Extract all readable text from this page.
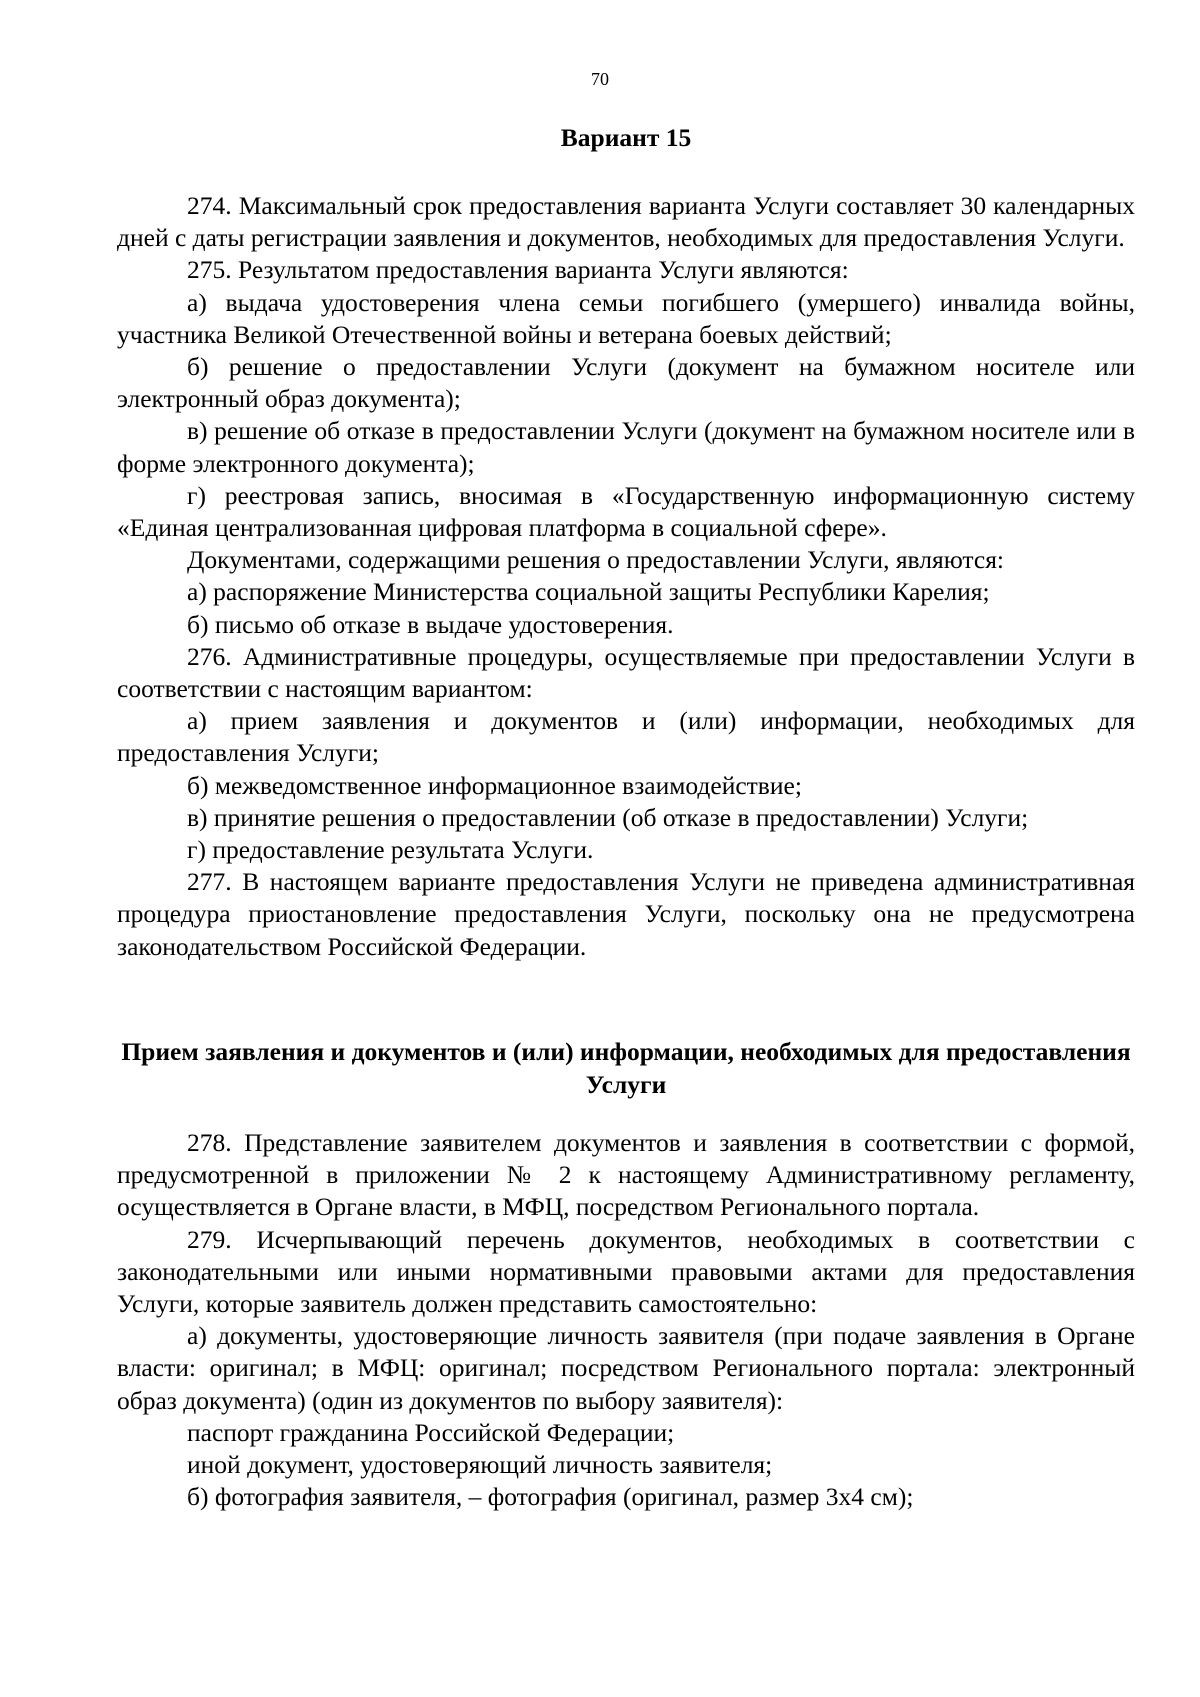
70
Вариант 15

274. Максимальный срок предоставления варианта Услуги составляет 30 календарных дней с даты регистрации заявления и документов, необходимых для предоставления Услуги.

275. Результатом предоставления варианта Услуги являются:

а) выдача удостоверения члена семьи погибшего (умершего) инвалида войны, участника Великой Отечественной войны и ветерана боевых действий;

б) решение о предоставлении Услуги (документ на бумажном носителе или электронный образ документа);

в) решение об отказе в предоставлении Услуги (документ на бумажном носителе или в форме электронного документа);

г) реестровая запись, вносимая в «Государственную информационную систему «Единая централизованная цифровая платформа в социальной сфере».

Документами, содержащими решения о предоставлении Услуги, являются:

а) распоряжение Министерства социальной защиты Республики Карелия;

б) письмо об отказе в выдаче удостоверения.

276. Административные процедуры, осуществляемые при предоставлении Услуги в соответствии с настоящим вариантом:

а) прием заявления и документов и (или) информации, необходимых для предоставления Услуги;

б) межведомственное информационное взаимодействие;

в) принятие решения о предоставлении (об отказе в предоставлении) Услуги;

г) предоставление результата Услуги.

277. В настоящем варианте предоставления Услуги не приведена административная процедура приостановление предоставления Услуги, поскольку она не предусмотрена законодательством Российской Федерации.

Прием заявления и документов и (или) информации, необходимых для предоставления Услуги

278. Представление заявителем документов и заявления в соответствии с формой, предусмотренной в приложении № 2 к настоящему Административному регламенту, осуществляется в Органе власти, в МФЦ, посредством Регионального портала.

279. Исчерпывающий перечень документов, необходимых в соответствии с законодательными или иными нормативными правовыми актами для предоставления Услуги, которые заявитель должен представить самостоятельно:

а) документы, удостоверяющие личность заявителя (при подаче заявления в Органе власти: оригинал; в МФЦ: оригинал; посредством Регионального портала: электронный образ документа) (один из документов по выбору заявителя):

паспорт гражданина Российской Федерации;

иной документ, удостоверяющий личность заявителя;

б) фотография заявителя, – фотография (оригинал, размер 3x4 см);
